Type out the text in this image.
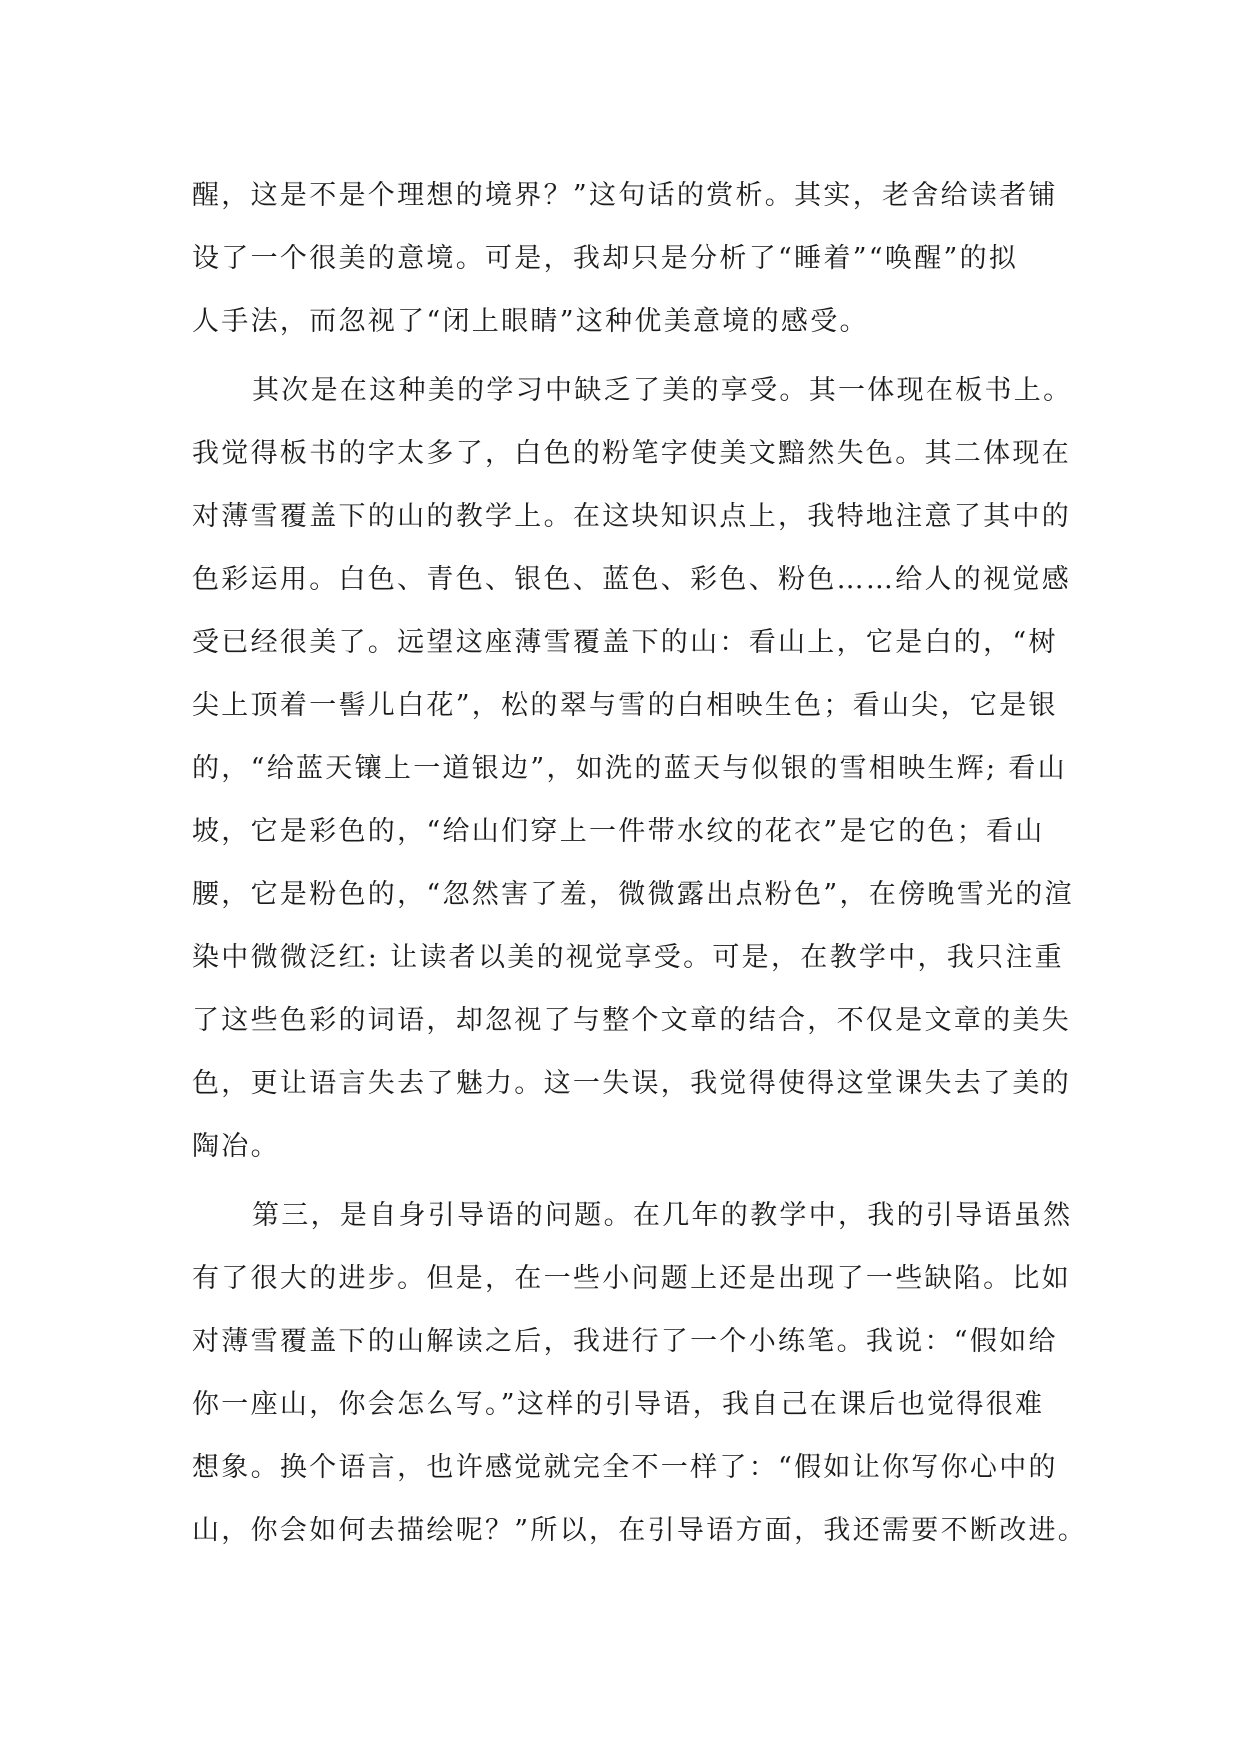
醒，这是不是个理想的境界？”这句话的赏析。其实，老舍给读者铺
设了一个很美的意境。可是，我却只是分析了“睡着”“唤醒”的拟
人手法，而忽视了“闭上眼睛”这种优美意境的感受。
其次是在这种美的学习中缺乏了美的享受。其一体现在板书上。
我觉得板书的字太多了，白色的粉笔字使美文黯然失色。其二体现在
对薄雪覆盖下的山的教学上。在这块知识点上，我特地注意了其中的
色彩运用。白色、青色、银色、蓝色、彩色、粉色……给人的视觉感
受已经很美了。远望这座薄雪覆盖下的山：看山上，它是白的，“树
尖上顶着一髻儿白花”，松的翠与雪的白相映生色；看山尖，它是银
的，“给蓝天镶上一道银边”，如洗的蓝天与似银的雪相映生辉; 看山
坡，它是彩色的，“给山们穿上一件带水纹的花衣”是它的色；看山
腰，它是粉色的，“忽然害了羞，微微露出点粉色”，在傍晚雪光的渲
染中微微泛红: 让读者以美的视觉享受。可是，在教学中，我只注重
了这些色彩的词语，却忽视了与整个文章的结合，不仅是文章的美失
色，更让语言失去了魅力。这一失误，我觉得使得这堂课失去了美的
陶冶。
第三，是自身引导语的问题。在几年的教学中，我的引导语虽然
有了很大的进步。但是，在一些小问题上还是出现了一些缺陷。比如
对薄雪覆盖下的山解读之后，我进行了一个小练笔。我说：“假如给
你一座山，你会怎么写。”这样的引导语，我自己在课后也觉得很难
想象。换个语言，也许感觉就完全不一样了：“假如让你写你心中的
山，你会如何去描绘呢？”所以，在引导语方面，我还需要不断改进。
